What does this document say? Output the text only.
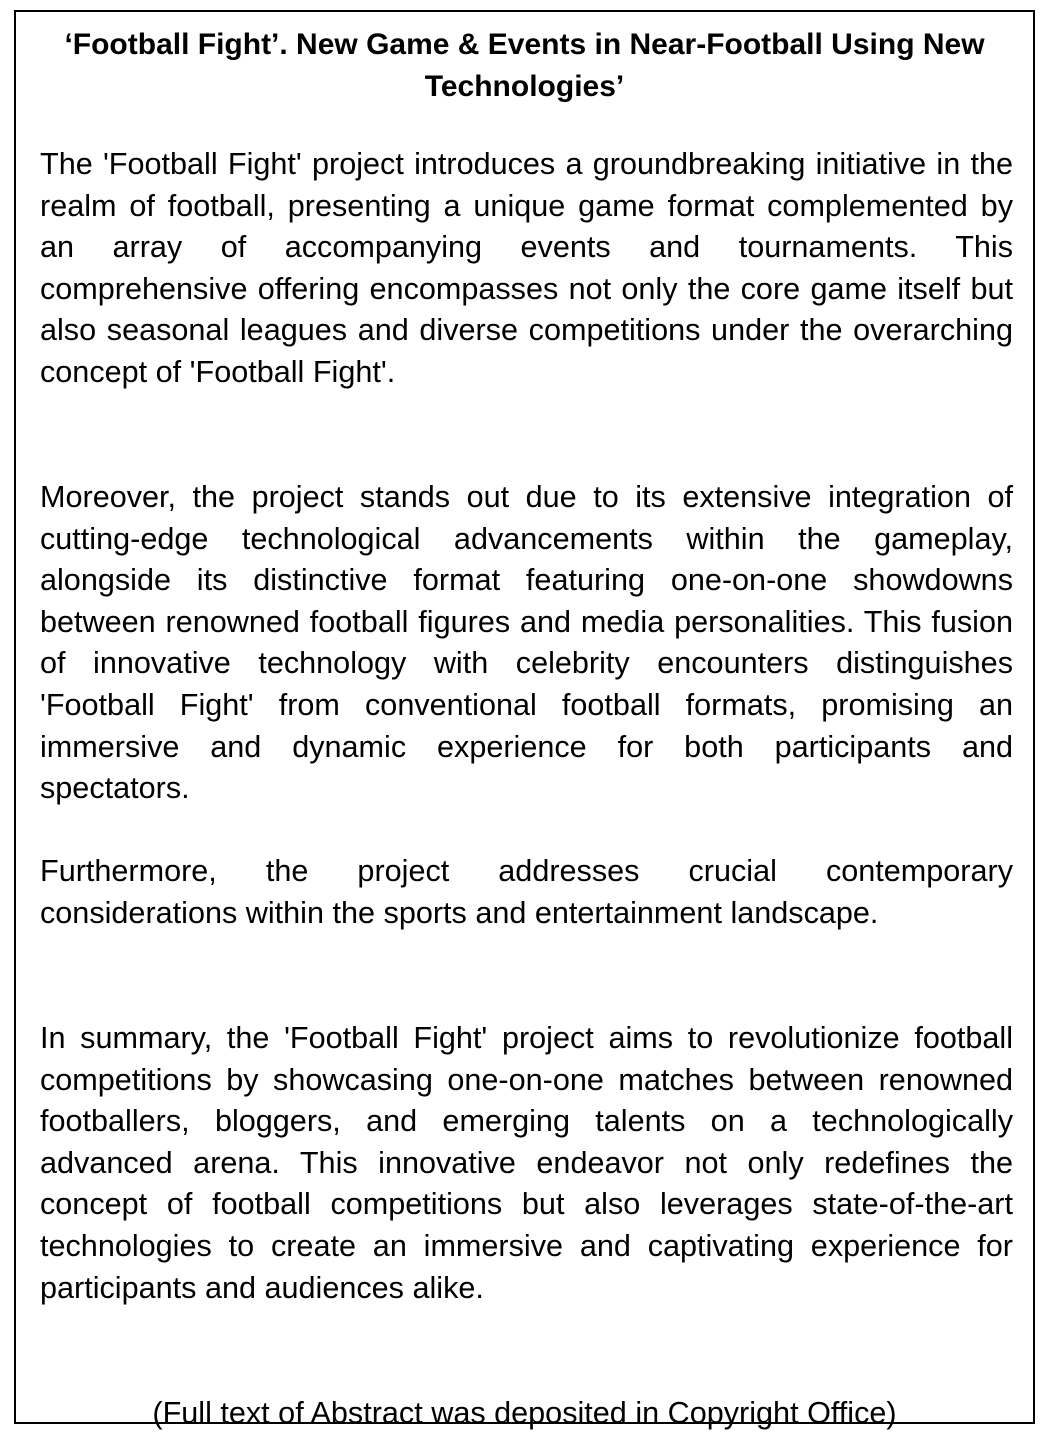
‘Football Fight’. New Game & Events in Near-Football Using New Technologies’

The 'Football Fight' project introduces a groundbreaking initiative in the realm of football, presenting a unique game format complemented by an array of accompanying events and tournaments. This comprehensive offering encompasses not only the core game itself but also seasonal leagues and diverse competitions under the overarching concept of 'Football Fight'.

Moreover, the project stands out due to its extensive integration of cutting-edge technological advancements within the gameplay, alongside its distinctive format featuring one-on-one showdowns between renowned football figures and media personalities. This fusion of innovative technology with celebrity encounters distinguishes 'Football Fight' from conventional football formats, promising an immersive and dynamic experience for both participants and spectators.

Furthermore, the project addresses crucial contemporary considerations within the sports and entertainment landscape.

In summary, the 'Football Fight' project aims to revolutionize football competitions by showcasing one-on-one matches between renowned footballers, bloggers, and emerging talents on a technologically advanced arena. This innovative endeavor not only redefines the concept of football competitions but also leverages state-of-the-art technologies to create an immersive and captivating experience for participants and audiences alike.

(Full text of Abstract was deposited in Copyright Office)
